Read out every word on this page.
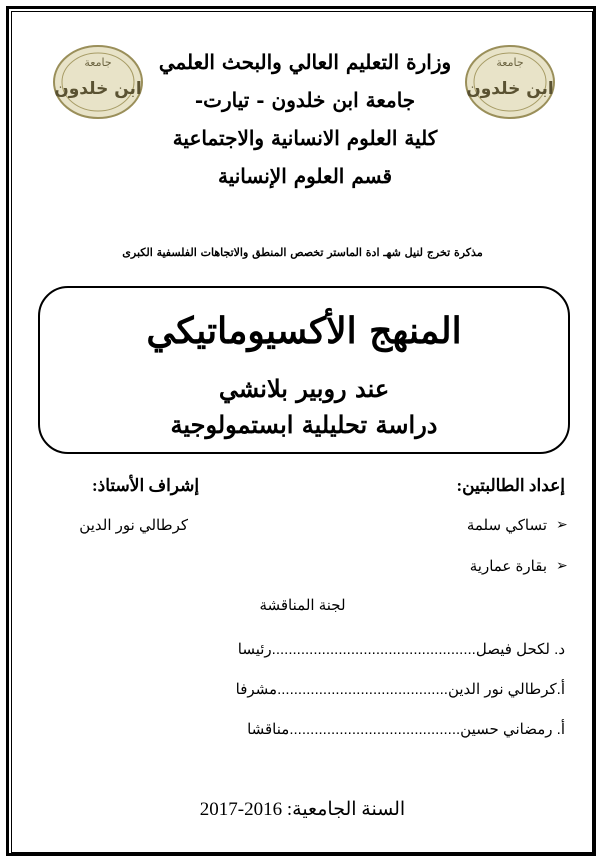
جامعة
ابن خلدون
جامعة
ابن خلدون
وزارة التعليم العالي والبحث العلمي
جامعة ابن خلدون - تيارت-
كلية العلوم الانسانية والاجتماعية
قسم العلوم الإنسانية
مذكرة تخرج لنيل شهـ ادة الماستر تخصص المنطق والاتجاهات الفلسفية الكبرى
المنهج الأكسيوماتيكي
عند روبير بلانشي
دراسة تحليلية ابستمولوجية
إعداد الطالبتين:
إشراف الأستاذ:
➢
تساكي سلمة
كرطالي نور الدين
➢
بقارة عمارية
لجنة المناقشة
د. لكحل فيصل.................................................رئيسا
أ.كرطالي نور الدين.........................................مشرفا
أ. رمضاني حسين.........................................مناقشا
السنة الجامعية: 2016-2017
